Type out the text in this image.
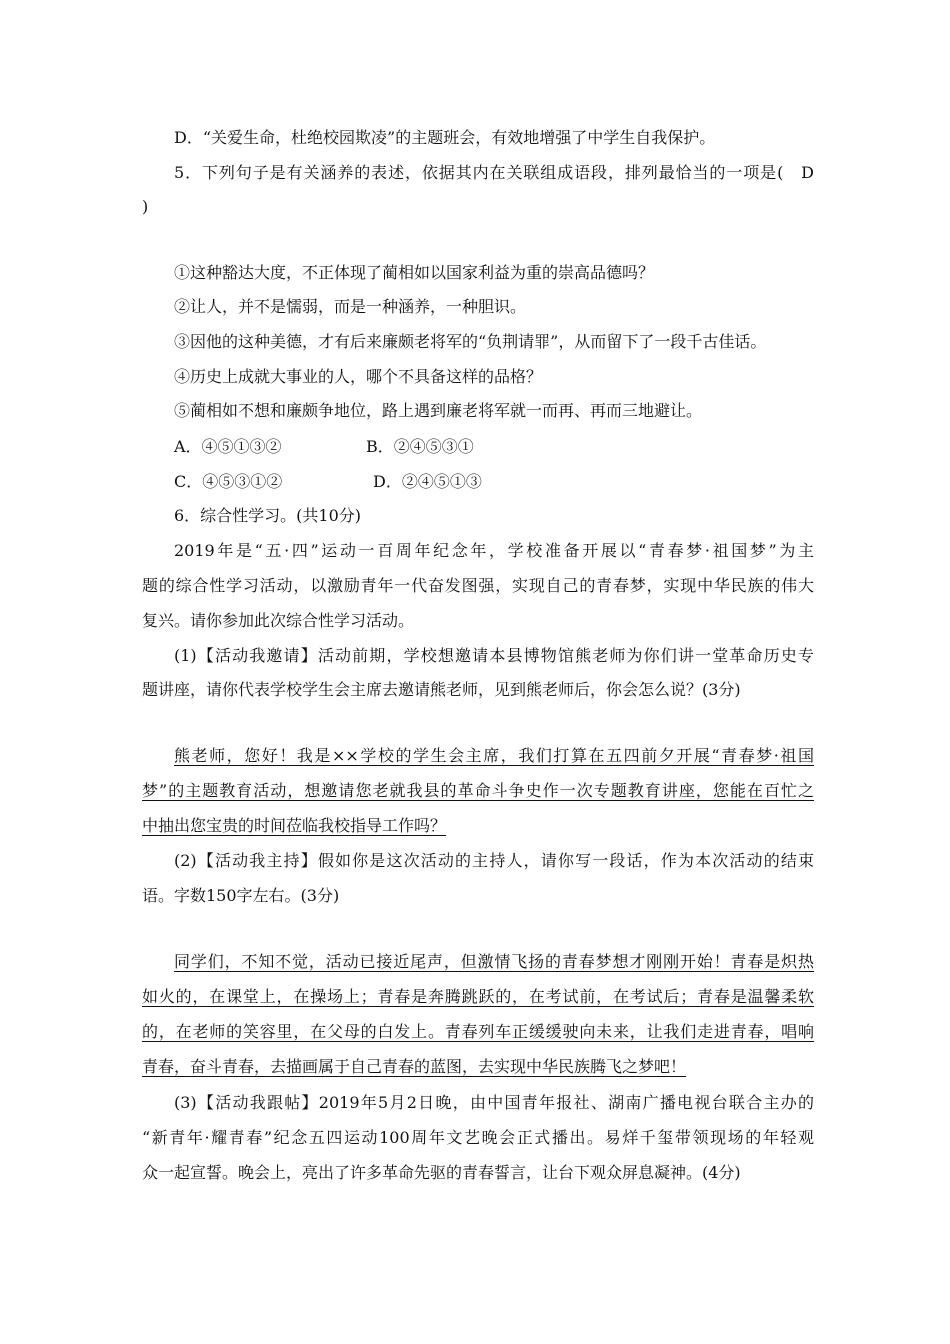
D．“关爱生命，杜绝校园欺凌”的主题班会，有效地增强了中学生自我保护。
5．下列句子是有关涵养的表述，依据其内在关联组成语段，排列最恰当的一项是(　D
)
①这种豁达大度，不正体现了蔺相如以国家利益为重的崇高品德吗？
②让人，并不是懦弱，而是一种涵养，一种胆识。
③因他的这种美德，才有后来廉颇老将军的“负荆请罪”，从而留下了一段千古佳话。
④历史上成就大事业的人，哪个不具备这样的品格？
⑤蔺相如不想和廉颇争地位，路上遇到廉老将军就一而再、再而三地避让。
A．④⑤①③②	B．②④⑤③①
C．④⑤③①②	D．②④⑤①③
6．综合性学习。(共10分)
2019年是“五·四”运动一百周年纪念年，学校准备开展以“青春梦·祖国梦”为主
题的综合性学习活动，以激励青年一代奋发图强，实现自己的青春梦，实现中华民族的伟大
复兴。请你参加此次综合性学习活动。
(1)【活动我邀请】活动前期，学校想邀请本县博物馆熊老师为你们讲一堂革命历史专
题讲座，请你代表学校学生会主席去邀请熊老师，见到熊老师后，你会怎么说？(3分)
熊老师，您好！我是××学校的学生会主席，我们打算在五四前夕开展“青春梦·祖国
梦”的主题教育活动，想邀请您老就我县的革命斗争史作一次专题教育讲座，您能在百忙之
中抽出您宝贵的时间莅临我校指导工作吗？
(2)【活动我主持】假如你是这次活动的主持人，请你写一段话，作为本次活动的结束
语。字数150字左右。(3分)
同学们，不知不觉，活动已接近尾声，但激情飞扬的青春梦想才刚刚开始！青春是炽热
如火的，在课堂上，在操场上；青春是奔腾跳跃的，在考试前，在考试后；青春是温馨柔软
的，在老师的笑容里，在父母的白发上。青春列车正缓缓驶向未来，让我们走进青春，唱响
青春，奋斗青春，去描画属于自己青春的蓝图，去实现中华民族腾飞之梦吧！
(3)【活动我跟帖】2019年5月2日晚，由中国青年报社、湖南广播电视台联合主办的
“新青年·耀青春”纪念五四运动100周年文艺晚会正式播出。易烊千玺带领现场的年轻观
众一起宣誓。晚会上，亮出了许多革命先驱的青春誓言，让台下观众屏息凝神。(4分)
